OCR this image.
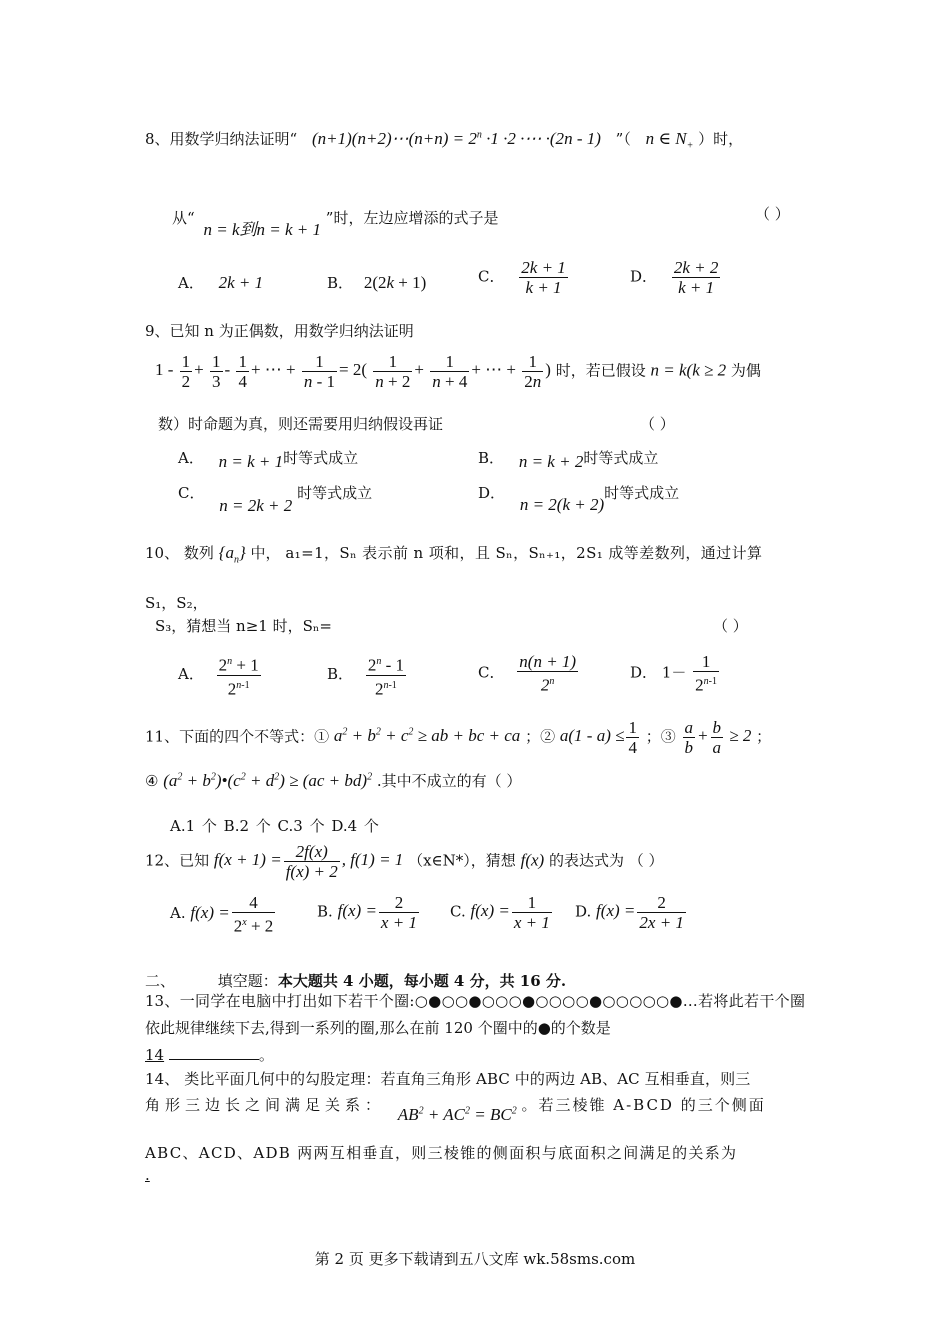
8、用数学归纳法证明“ (n+1)(n+2)⋯(n+n) = $2^n \cdot 1 \cdot 2$ ·⋯ ·(2n - 1) ”（ n ∈ $N_+$ ）时，
从“ n = k到n = k + 1 ”时，左边应增添的式子是	（ ）
A． 2k + 1	B． 2(2k + 1)	C． $\frac{2k + 1}{k + 1}$	D． $\frac{2k + 2}{k + 1}$
9、已知 n 为正偶数，用数学归纳法证明
$1 - \frac{1}{2} + \frac{1}{3} - \frac{1}{4}$ + ⋯ + $\frac{1}{n - 1} = 2( \frac{1}{n + 2} + \frac{1}{n + 4}$ + ⋯ + $\frac{1}{2n}$ ) 时，若已假设 n = k(k ≥ 2 为偶
数）时命题为真，则还需要用归纳假设再证	（ ）
A． n = k + 1时等式成立	B． n = k + 2时等式成立
C． n = 2k + 2 时等式成立	D． n = 2(k + 2)时等式成立
10、 数列 $\{a_n\}$ 中， a₁=1，Sₙ 表示前 n 项和，且 Sₙ，Sₙ₊₁，2S₁ 成等差数列，通过计算
S₁，S₂，
S₃，猜想当 n≥1 时，Sₙ=	（ ）
A． $\frac{2^n + 1}{2^{n-1}}$	B． $\frac{2^n - 1}{2^{n-1}}$	C． $\frac{n(n + 1)}{2^n}$	D． $1- \frac{1}{2^{n-1}}$
11、下面的四个不等式：① $a^2 + b^2 + c^2$ ≥ ab + bc + ca ；② $a(1 - a) \le \frac{1}{4}$ ；③ $\frac{a}{b} + \frac{b}{a} \ge 2$ ；
④ ($a^2$ + $b^2)•(c^2 + d^2) \ge (ac + bd)^2$ .其中不成立的有（ ）
A.1 个 B.2 个 C.3 个 D.4 个
12、已知 $f(x + 1) = \frac{2f(x)}{f(x) + 2}$ , f(1) = 1 （x∈N*），猜想 f(x) 的表达式为 （ ）
A. $f(x) = \frac{4}{2^x + 2}$	B. $f(x) = \frac{2}{x + 1} C$. $f(x) = \frac{1}{x + 1} D$. $f(x) = \frac{2}{2x + 1}$
二、	填空题：本大题共 4 小题，每小题 4 分，共 16 分.
13、一同学在电脑中打出如下若干个圈:○●○○●○○○●○○○○●○○○○○●…若将此若干个圈依此规律继续下去,得到一系列的圈,那么在前 120 个圈中的●的个数是
14	。
14、 类比平面几何中的勾股定理：若直角三角形 ABC 中的两边 AB、AC 互相垂直，则三
角形三边长之间满足关系： $AB^2 + AC^2 = BC^2$ 。若三棱锥 A-BCD 的三个侧面
ABC、ACD、ADB 两两互相垂直，则三棱锥的侧面积与底面积之间满足的关系为
.
第 2 页 更多下载请到五八文库 wk.58sms.com
